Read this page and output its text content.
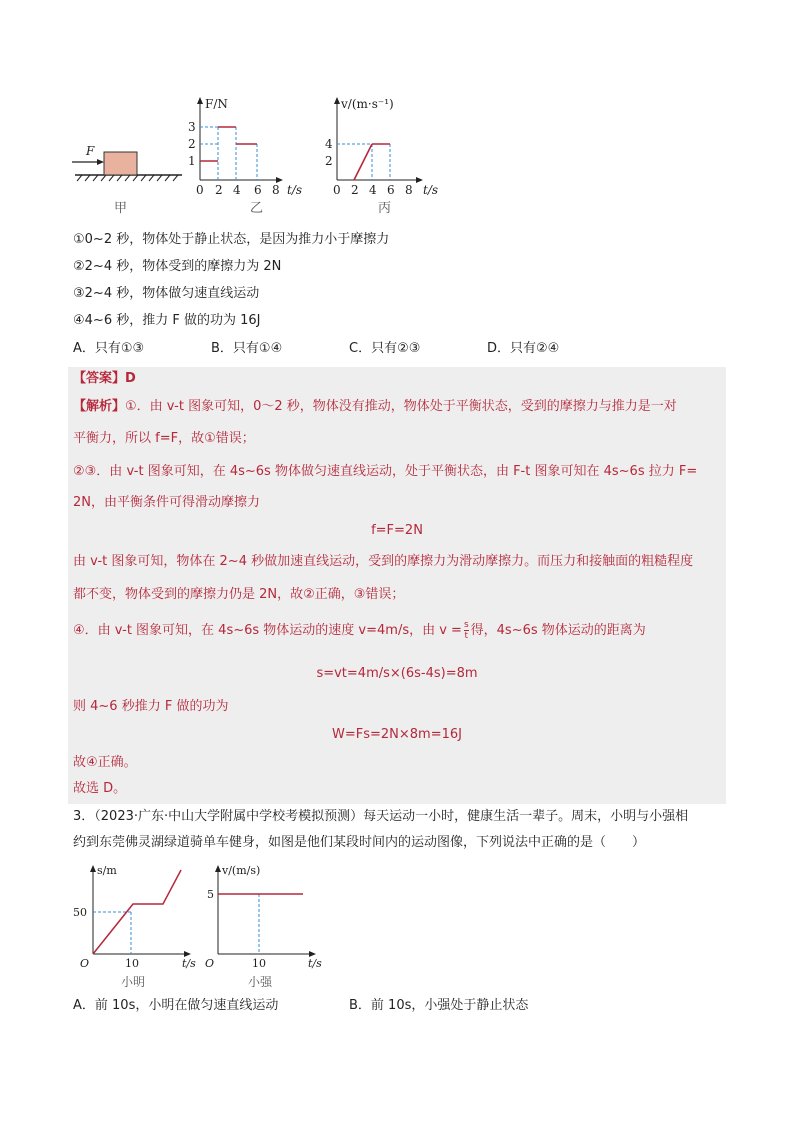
F
甲
F/N
1
2
3
0 2 4 6 8 t/s
乙
v/(m·s⁻¹)
2
4
0 2 4 6 8 t/s
丙
①0~2 秒，物体处于静止状态，是因为推力小于摩擦力
②2~4 秒，物体受到的摩擦力为 2N
③2~4 秒，物体做匀速直线运动
④4~6 秒，推力 F 做的功为 16J
A．只有①③	B．只有①④	C．只有②③	D．只有②④
【答案】D
【解析】①．由 v-t 图象可知，0～2 秒，物体没有推动，物体处于平衡状态，受到的摩擦力与推力是一对
平衡力，所以 f=F，故①错误；
②③．由 v-t 图象可知，在 4s~6s 物体做匀速直线运动，处于平衡状态，由 F-t 图象可知在 4s~6s 拉力 F=
2N，由平衡条件可得滑动摩擦力
f=F=2N
由 v-t 图象可知，物体在 2~4 秒做加速直线运动，受到的摩擦力为滑动摩擦力。而压力和接触面的粗糙程度
都不变，物体受到的摩擦力仍是 2N，故②正确，③错误；
④．由 v-t 图象可知，在 4s~6s 物体运动的速度 v=4m/s，由 $v = \frac{s}{t}$ 得，4s~6s 物体运动的距离为
s=vt=4m/s×(6s-4s)=8m
则 4~6 秒推力 F 做的功为
W=Fs=2N×8m=16J
故④正确。
故选 D。
3．（2023·广东·中山大学附属中学校考模拟预测）每天运动一小时，健康生活一辈子。周末，小明与小强相
约到东莞佛灵湖绿道骑单车健身，如图是他们某段时间内的运动图像，下列说法中正确的是（　　）
s/m
50
O	10	t/s
小明
v/(m/s)
5
O	10	t/s
小强
A．前 10s，小明在做匀速直线运动	B．前 10s，小强处于静止状态
